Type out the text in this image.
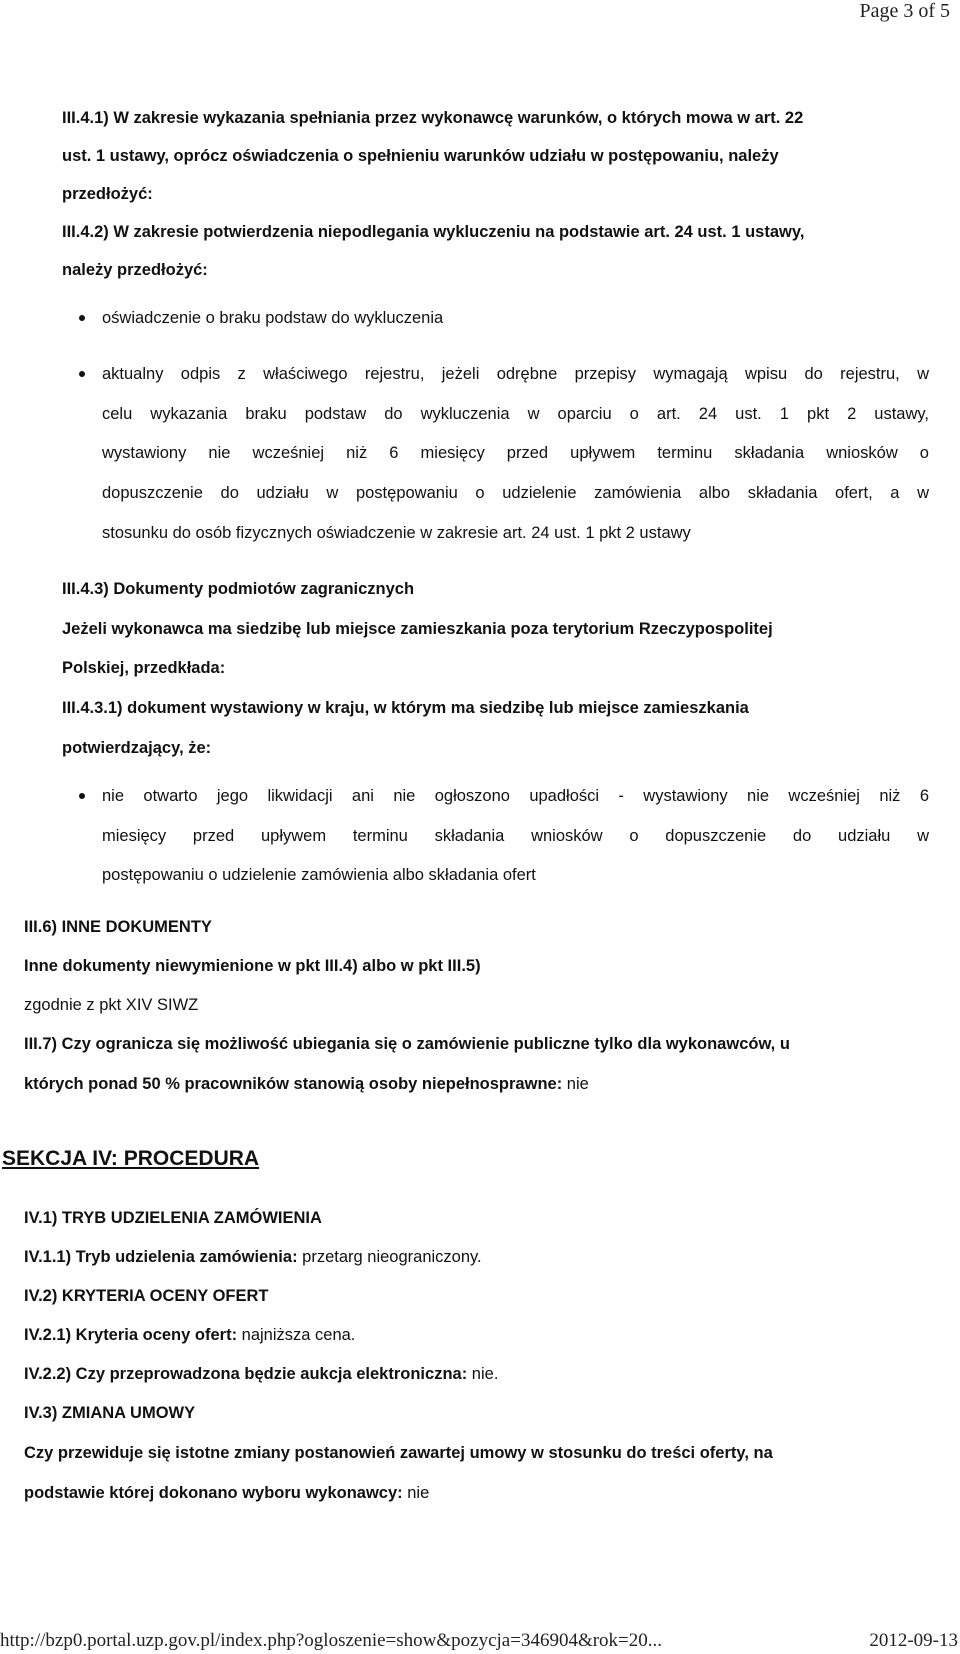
Page 3 of 5

III.4.1) W zakresie wykazania spełniania przez wykonawcę warunków, o których mowa w art. 22

ust. 1 ustawy, oprócz oświadczenia o spełnieniu warunków udziału w postępowaniu, należy

przedłożyć:

III.4.2) W zakresie potwierdzenia niepodlegania wykluczeniu na podstawie art. 24 ust. 1 ustawy,

należy przedłożyć:

oświadczenie o braku podstaw do wykluczenia

aktualny odpis z właściwego rejestru, jeżeli odrębne przepisy wymagają wpisu do rejestru, w

celu wykazania braku podstaw do wykluczenia w oparciu o art. 24 ust. 1 pkt 2 ustawy,

wystawiony nie wcześniej niż 6 miesięcy przed upływem terminu składania wniosków o

dopuszczenie do udziału w postępowaniu o udzielenie zamówienia albo składania ofert, a w

stosunku do osób fizycznych oświadczenie w zakresie art. 24 ust. 1 pkt 2 ustawy

III.4.3) Dokumenty podmiotów zagranicznych

Jeżeli wykonawca ma siedzibę lub miejsce zamieszkania poza terytorium Rzeczypospolitej

Polskiej, przedkłada:

III.4.3.1) dokument wystawiony w kraju, w którym ma siedzibę lub miejsce zamieszkania

potwierdzający, że:

nie otwarto jego likwidacji ani nie ogłoszono upadłości - wystawiony nie wcześniej niż 6

miesięcy przed upływem terminu składania wniosków o dopuszczenie do udziału w

postępowaniu o udzielenie zamówienia albo składania ofert

III.6) INNE DOKUMENTY

Inne dokumenty niewymienione w pkt III.4) albo w pkt III.5)

zgodnie z pkt XIV SIWZ

III.7) Czy ogranicza się możliwość ubiegania się o zamówienie publiczne tylko dla wykonawców, u

których ponad 50 % pracowników stanowią osoby niepełnosprawne: nie

SEKCJA IV: PROCEDURA

IV.1) TRYB UDZIELENIA ZAMÓWIENIA

IV.1.1) Tryb udzielenia zamówienia: przetarg nieograniczony.

IV.2) KRYTERIA OCENY OFERT

IV.2.1) Kryteria oceny ofert: najniższa cena.

IV.2.2) Czy przeprowadzona będzie aukcja elektroniczna: nie.

IV.3) ZMIANA UMOWY

Czy przewiduje się istotne zmiany postanowień zawartej umowy w stosunku do treści oferty, na

podstawie której dokonano wyboru wykonawcy: nie

http://bzp0.portal.uzp.gov.pl/index.php?ogloszenie=show&pozycja=346904&rok=20...	2012-09-13
